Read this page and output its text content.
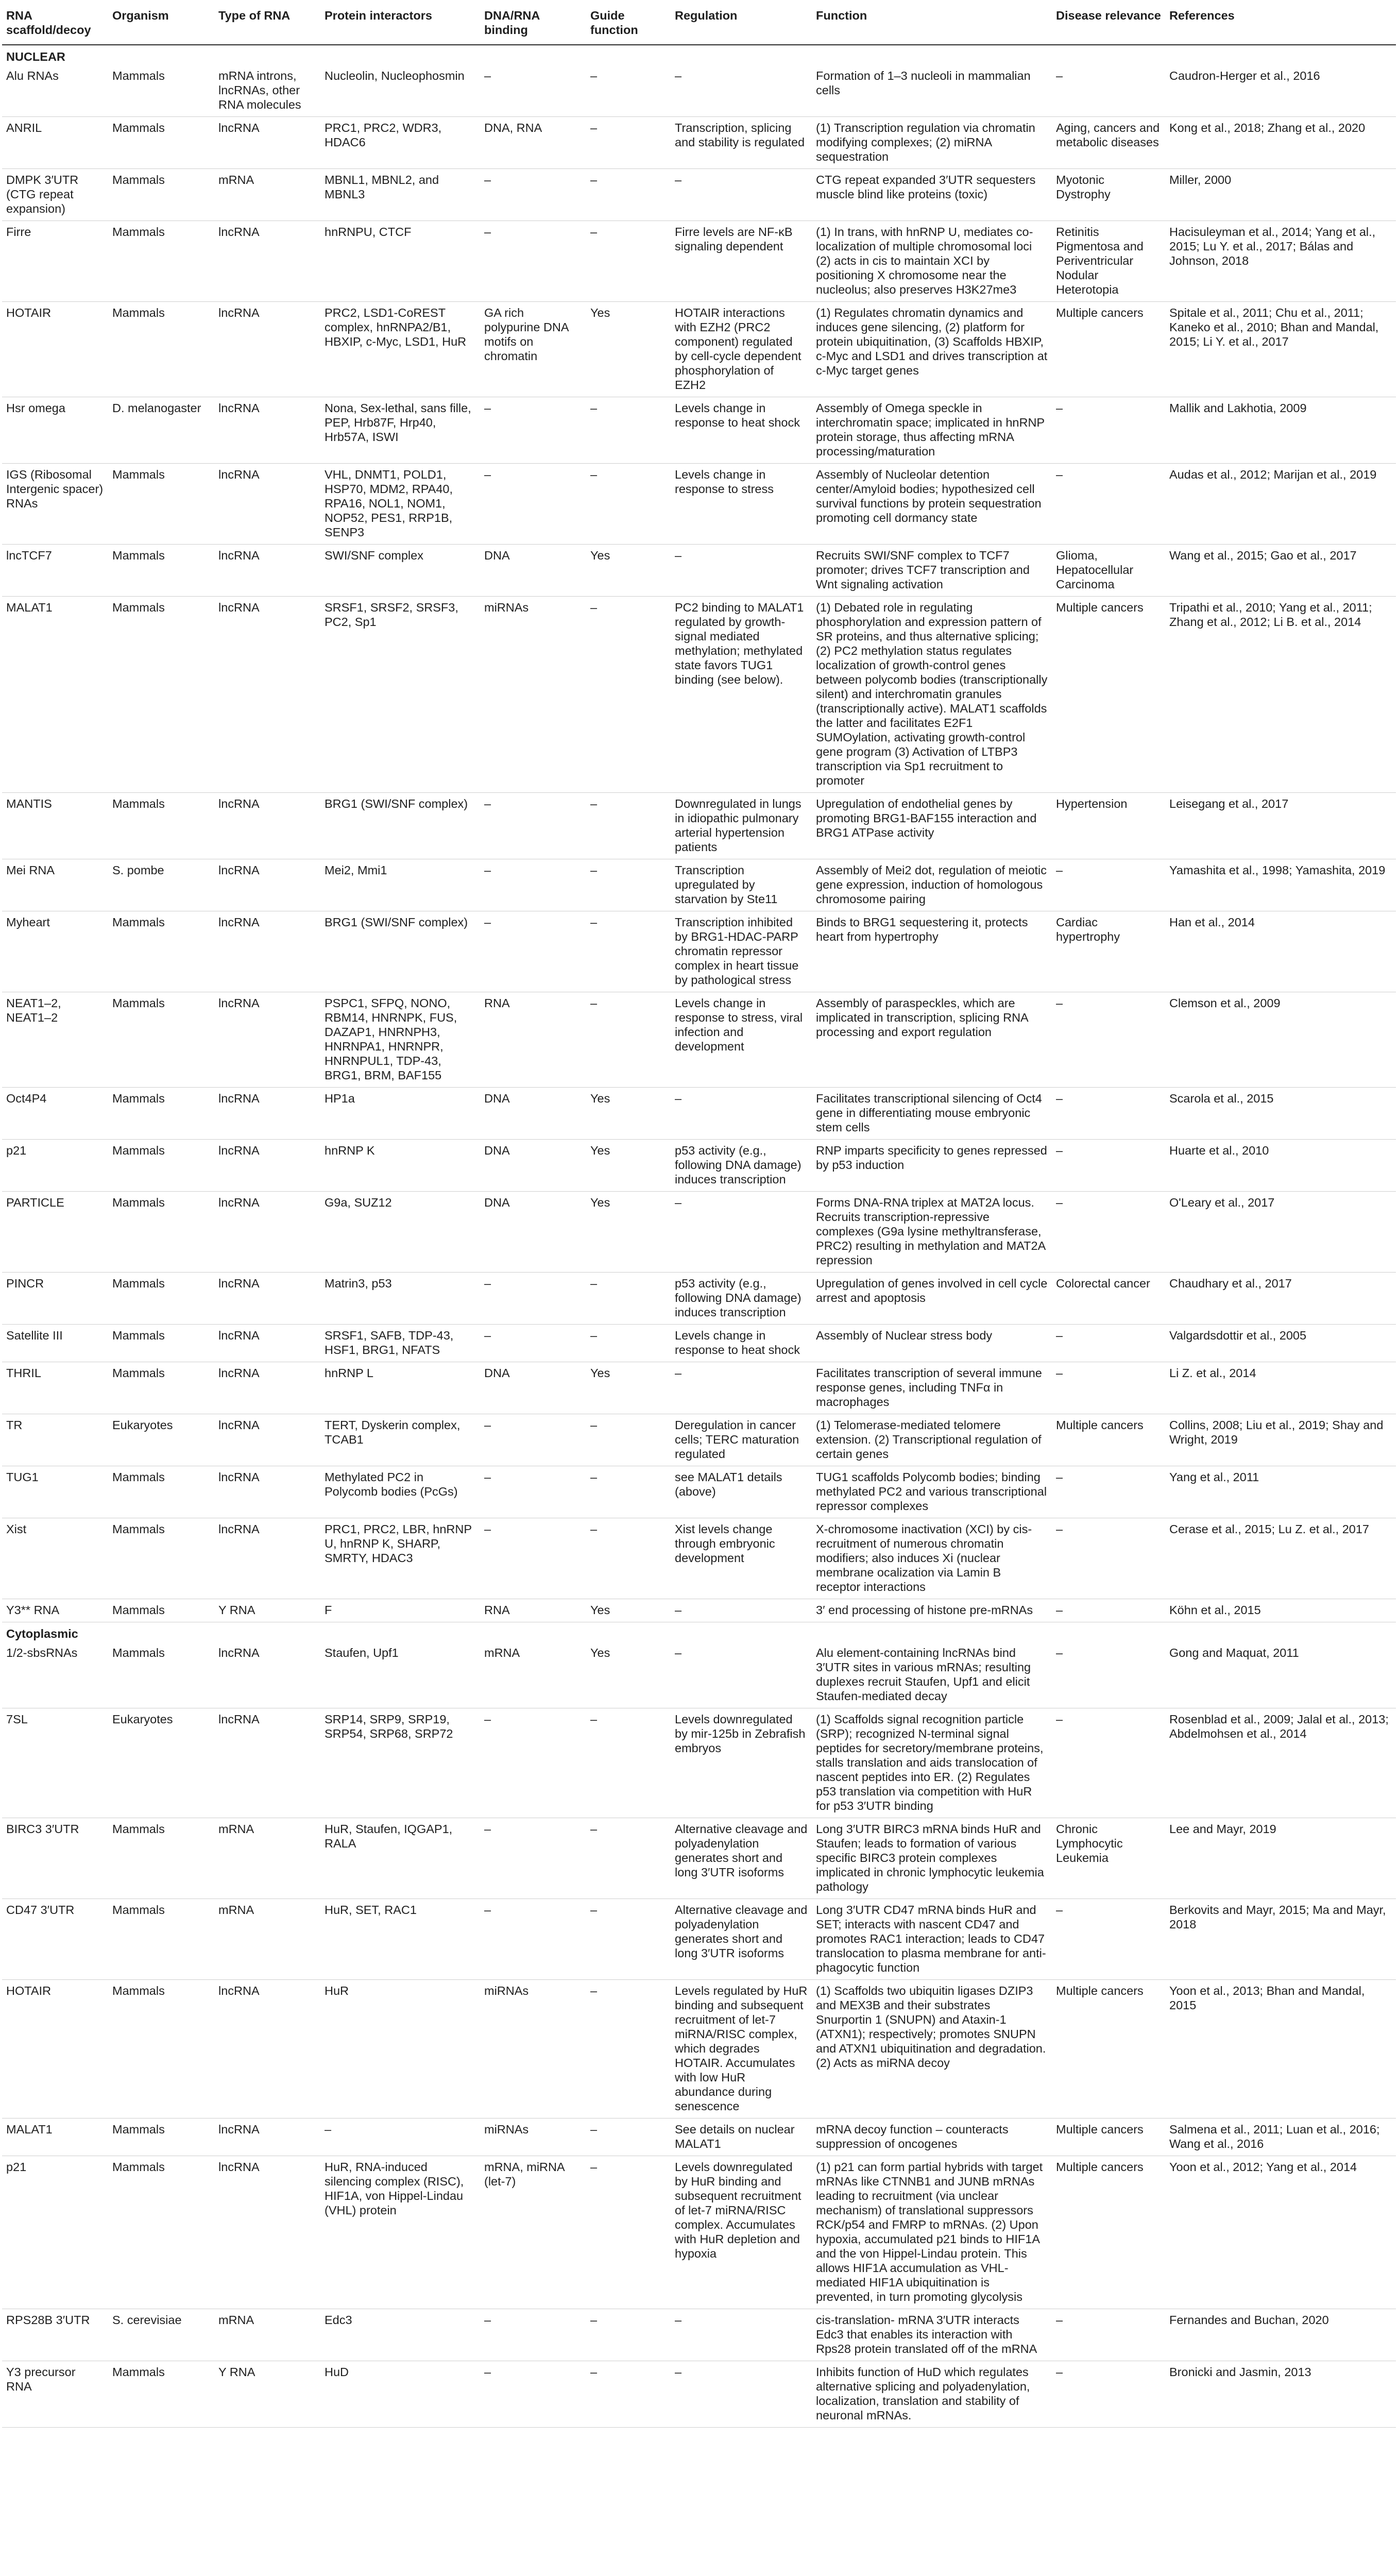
RNA scaffold/decoy	Organism	Type of RNA	Protein interactors	DNA/RNA binding	Guide function	Regulation	Function	Disease relevance	References
NUCLEAR									
Alu RNAs	Mammals	mRNA introns, lncRNAs, other RNA molecules	Nucleolin, Nucleophosmin	–	–	–	Formation of 1–3 nucleoli in mammalian cells	–	Caudron-Herger et al., 2016
ANRIL	Mammals	lncRNA	PRC1, PRC2, WDR3, HDAC6	DNA, RNA	–	Transcription, splicing and stability is regulated	(1) Transcription regulation via chromatin modifying complexes; (2) miRNA sequestration	Aging, cancers and metabolic diseases	Kong et al., 2018; Zhang et al., 2020
DMPK 3′UTR (CTG repeat expansion)	Mammals	mRNA	MBNL1, MBNL2, and MBNL3	–	–	–	CTG repeat expanded 3′UTR sequesters muscle blind like proteins (toxic)	Myotonic Dystrophy	Miller, 2000
Firre	Mammals	lncRNA	hnRNPU, CTCF	–	–	Firre levels are NF-κB signaling dependent	(1) In trans, with hnRNP U, mediates co-localization of multiple chromosomal loci (2) acts in cis to maintain XCI by positioning X chromosome near the nucleolus; also preserves H3K27me3	Retinitis Pigmentosa and Periventricular Nodular Heterotopia	Hacisuleyman et al., 2014; Yang et al., 2015; Lu Y. et al., 2017; Bálas and Johnson, 2018
HOTAIR	Mammals	lncRNA	PRC2, LSD1-CoREST complex, hnRNPA2/B1, HBXIP, c-Myc, LSD1, HuR	GA rich polypurine DNA motifs on chromatin	Yes	HOTAIR interactions with EZH2 (PRC2 component) regulated by cell-cycle dependent phosphorylation of EZH2	(1) Regulates chromatin dynamics and induces gene silencing, (2) platform for protein ubiquitination, (3) Scaffolds HBXIP, c-Myc and LSD1 and drives transcription at c-Myc target genes	Multiple cancers	Spitale et al., 2011; Chu et al., 2011; Kaneko et al., 2010; Bhan and Mandal, 2015; Li Y. et al., 2017
Hsr omega	D. melanogaster	lncRNA	Nona, Sex-lethal, sans fille, PEP, Hrb87F, Hrp40, Hrb57A, ISWI	–	–	Levels change in response to heat shock	Assembly of Omega speckle in interchromatin space; implicated in hnRNP protein storage, thus affecting mRNA processing/maturation	–	Mallik and Lakhotia, 2009
IGS (Ribosomal Intergenic spacer) RNAs	Mammals	lncRNA	VHL, DNMT1, POLD1, HSP70, MDM2, RPA40, RPA16, NOL1, NOM1, NOP52, PES1, RRP1B, SENP3	–	–	Levels change in response to stress	Assembly of Nucleolar detention center/Amyloid bodies; hypothesized cell survival functions by protein sequestration promoting cell dormancy state	–	Audas et al., 2012; Marijan et al., 2019
lncTCF7	Mammals	lncRNA	SWI/SNF complex	DNA	Yes	–	Recruits SWI/SNF complex to TCF7 promoter; drives TCF7 transcription and Wnt signaling activation	Glioma, Hepatocellular Carcinoma	Wang et al., 2015; Gao et al., 2017
MALAT1	Mammals	lncRNA	SRSF1, SRSF2, SRSF3, PC2, Sp1	miRNAs	–	PC2 binding to MALAT1 regulated by growth-signal mediated methylation; methylated state favors TUG1 binding (see below).	(1) Debated role in regulating phosphorylation and expression pattern of SR proteins, and thus alternative splicing; (2) PC2 methylation status regulates localization of growth-control genes between polycomb bodies (transcriptionally silent) and interchromatin granules (transcriptionally active). MALAT1 scaffolds the latter and facilitates E2F1 SUMOylation, activating growth-control gene program (3) Activation of LTBP3 transcription via Sp1 recruitment to promoter	Multiple cancers	Tripathi et al., 2010; Yang et al., 2011; Zhang et al., 2012; Li B. et al., 2014
MANTIS	Mammals	lncRNA	BRG1 (SWI/SNF complex)	–	–	Downregulated in lungs in idiopathic pulmonary arterial hypertension patients	Upregulation of endothelial genes by promoting BRG1-BAF155 interaction and BRG1 ATPase activity	Hypertension	Leisegang et al., 2017
Mei RNA	S. pombe	lncRNA	Mei2, Mmi1	–	–	Transcription upregulated by starvation by Ste11	Assembly of Mei2 dot, regulation of meiotic gene expression, induction of homologous chromosome pairing	–	Yamashita et al., 1998; Yamashita, 2019
Myheart	Mammals	lncRNA	BRG1 (SWI/SNF complex)	–	–	Transcription inhibited by BRG1-HDAC-PARP chromatin repressor complex in heart tissue by pathological stress	Binds to BRG1 sequestering it, protects heart from hypertrophy	Cardiac hypertrophy	Han et al., 2014
NEAT1–2, NEAT1–2	Mammals	lncRNA	PSPC1, SFPQ, NONO, RBM14, HNRNPK, FUS, DAZAP1, HNRNPH3, HNRNPA1, HNRNPR, HNRNPUL1, TDP-43, BRG1, BRM, BAF155	RNA	–	Levels change in response to stress, viral infection and development	Assembly of paraspeckles, which are implicated in transcription, splicing RNA processing and export regulation	–	Clemson et al., 2009
Oct4P4	Mammals	lncRNA	HP1a	DNA	Yes	–	Facilitates transcriptional silencing of Oct4 gene in differentiating mouse embryonic stem cells	–	Scarola et al., 2015
p21	Mammals	lncRNA	hnRNP K	DNA	Yes	p53 activity (e.g., following DNA damage) induces transcription	RNP imparts specificity to genes repressed by p53 induction	–	Huarte et al., 2010
PARTICLE	Mammals	lncRNA	G9a, SUZ12	DNA	Yes	–	Forms DNA-RNA triplex at MAT2A locus. Recruits transcription-repressive complexes (G9a lysine methyltransferase, PRC2) resulting in methylation and MAT2A repression	–	O'Leary et al., 2017
PINCR	Mammals	lncRNA	Matrin3, p53	–	–	p53 activity (e.g., following DNA damage) induces transcription	Upregulation of genes involved in cell cycle arrest and apoptosis	Colorectal cancer	Chaudhary et al., 2017
Satellite III	Mammals	lncRNA	SRSF1, SAFB, TDP-43, HSF1, BRG1, NFATS	–	–	Levels change in response to heat shock	Assembly of Nuclear stress body	–	Valgardsdottir et al., 2005
THRIL	Mammals	lncRNA	hnRNP L	DNA	Yes	–	Facilitates transcription of several immune response genes, including TNFα in macrophages	–	Li Z. et al., 2014
TR	Eukaryotes	lncRNA	TERT, Dyskerin complex, TCAB1	–	–	Deregulation in cancer cells; TERC maturation regulated	(1) Telomerase-mediated telomere extension. (2) Transcriptional regulation of certain genes	Multiple cancers	Collins, 2008; Liu et al., 2019; Shay and Wright, 2019
TUG1	Mammals	lncRNA	Methylated PC2 in Polycomb bodies (PcGs)	–	–	see MALAT1 details (above)	TUG1 scaffolds Polycomb bodies; binding methylated PC2 and various transcriptional repressor complexes	–	Yang et al., 2011
Xist	Mammals	lncRNA	PRC1, PRC2, LBR, hnRNP U, hnRNP K, SHARP, SMRTY, HDAC3	–	–	Xist levels change through embryonic development	X-chromosome inactivation (XCI) by cis-recruitment of numerous chromatin modifiers; also induces Xi (nuclear membrane ocalization via Lamin B receptor interactions	–	Cerase et al., 2015; Lu Z. et al., 2017
Y3** RNA	Mammals	Y RNA	F	RNA	Yes	–	3′ end processing of histone pre-mRNAs	–	Köhn et al., 2015
Cytoplasmic									
1/2-sbsRNAs	Mammals	lncRNA	Staufen, Upf1	mRNA	Yes	–	Alu element-containing lncRNAs bind 3′UTR sites in various mRNAs; resulting duplexes recruit Staufen, Upf1 and elicit Staufen-mediated decay	–	Gong and Maquat, 2011
7SL	Eukaryotes	lncRNA	SRP14, SRP9, SRP19, SRP54, SRP68, SRP72	–	–	Levels downregulated by mir-125b in Zebrafish embryos	(1) Scaffolds signal recognition particle (SRP); recognized N-terminal signal peptides for secretory/membrane proteins, stalls translation and aids translocation of nascent peptides into ER. (2) Regulates p53 translation via competition with HuR for p53 3′UTR binding	–	Rosenblad et al., 2009; Jalal et al., 2013; Abdelmohsen et al., 2014
BIRC3 3′UTR	Mammals	mRNA	HuR, Staufen, IQGAP1, RALA	–	–	Alternative cleavage and polyadenylation generates short and long 3′UTR isoforms	Long 3′UTR BIRC3 mRNA binds HuR and Staufen; leads to formation of various specific BIRC3 protein complexes implicated in chronic lymphocytic leukemia pathology	Chronic Lymphocytic Leukemia	Lee and Mayr, 2019
CD47 3′UTR	Mammals	mRNA	HuR, SET, RAC1	–	–	Alternative cleavage and polyadenylation generates short and long 3′UTR isoforms	Long 3′UTR CD47 mRNA binds HuR and SET; interacts with nascent CD47 and promotes RAC1 interaction; leads to CD47 translocation to plasma membrane for anti-phagocytic function	–	Berkovits and Mayr, 2015; Ma and Mayr, 2018
HOTAIR	Mammals	lncRNA	HuR	miRNAs	–	Levels regulated by HuR binding and subsequent recruitment of let-7 miRNA/RISC complex, which degrades HOTAIR. Accumulates with low HuR abundance during senescence	(1) Scaffolds two ubiquitin ligases DZIP3 and MEX3B and their substrates Snurportin 1 (SNUPN) and Ataxin-1 (ATXN1); respectively; promotes SNUPN and ATXN1 ubiquitination and degradation. (2) Acts as miRNA decoy	Multiple cancers	Yoon et al., 2013; Bhan and Mandal, 2015
MALAT1	Mammals	lncRNA	–	miRNAs	–	See details on nuclear MALAT1	mRNA decoy function – counteracts suppression of oncogenes	Multiple cancers	Salmena et al., 2011; Luan et al., 2016; Wang et al., 2016
p21	Mammals	lncRNA	HuR, RNA-induced silencing complex (RISC), HIF1A, von Hippel-Lindau (VHL) protein	mRNA, miRNA (let-7)	–	Levels downregulated by HuR binding and subsequent recruitment of let-7 miRNA/RISC complex. Accumulates with HuR depletion and hypoxia	(1) p21 can form partial hybrids with target mRNAs like CTNNB1 and JUNB mRNAs leading to recruitment (via unclear mechanism) of translational suppressors RCK/p54 and FMRP to mRNAs. (2) Upon hypoxia, accumulated p21 binds to HIF1A and the von Hippel-Lindau protein. This allows HIF1A accumulation as VHL-mediated HIF1A ubiquitination is prevented, in turn promoting glycolysis	Multiple cancers	Yoon et al., 2012; Yang et al., 2014
RPS28B 3′UTR	S. cerevisiae	mRNA	Edc3	–	–	–	cis-translation- mRNA 3′UTR interacts Edc3 that enables its interaction with Rps28 protein translated off of the mRNA	–	Fernandes and Buchan, 2020
Y3 precursor RNA	Mammals	Y RNA	HuD	–	–	–	Inhibits function of HuD which regulates alternative splicing and polyadenylation, localization, translation and stability of neuronal mRNAs.	–	Bronicki and Jasmin, 2013
